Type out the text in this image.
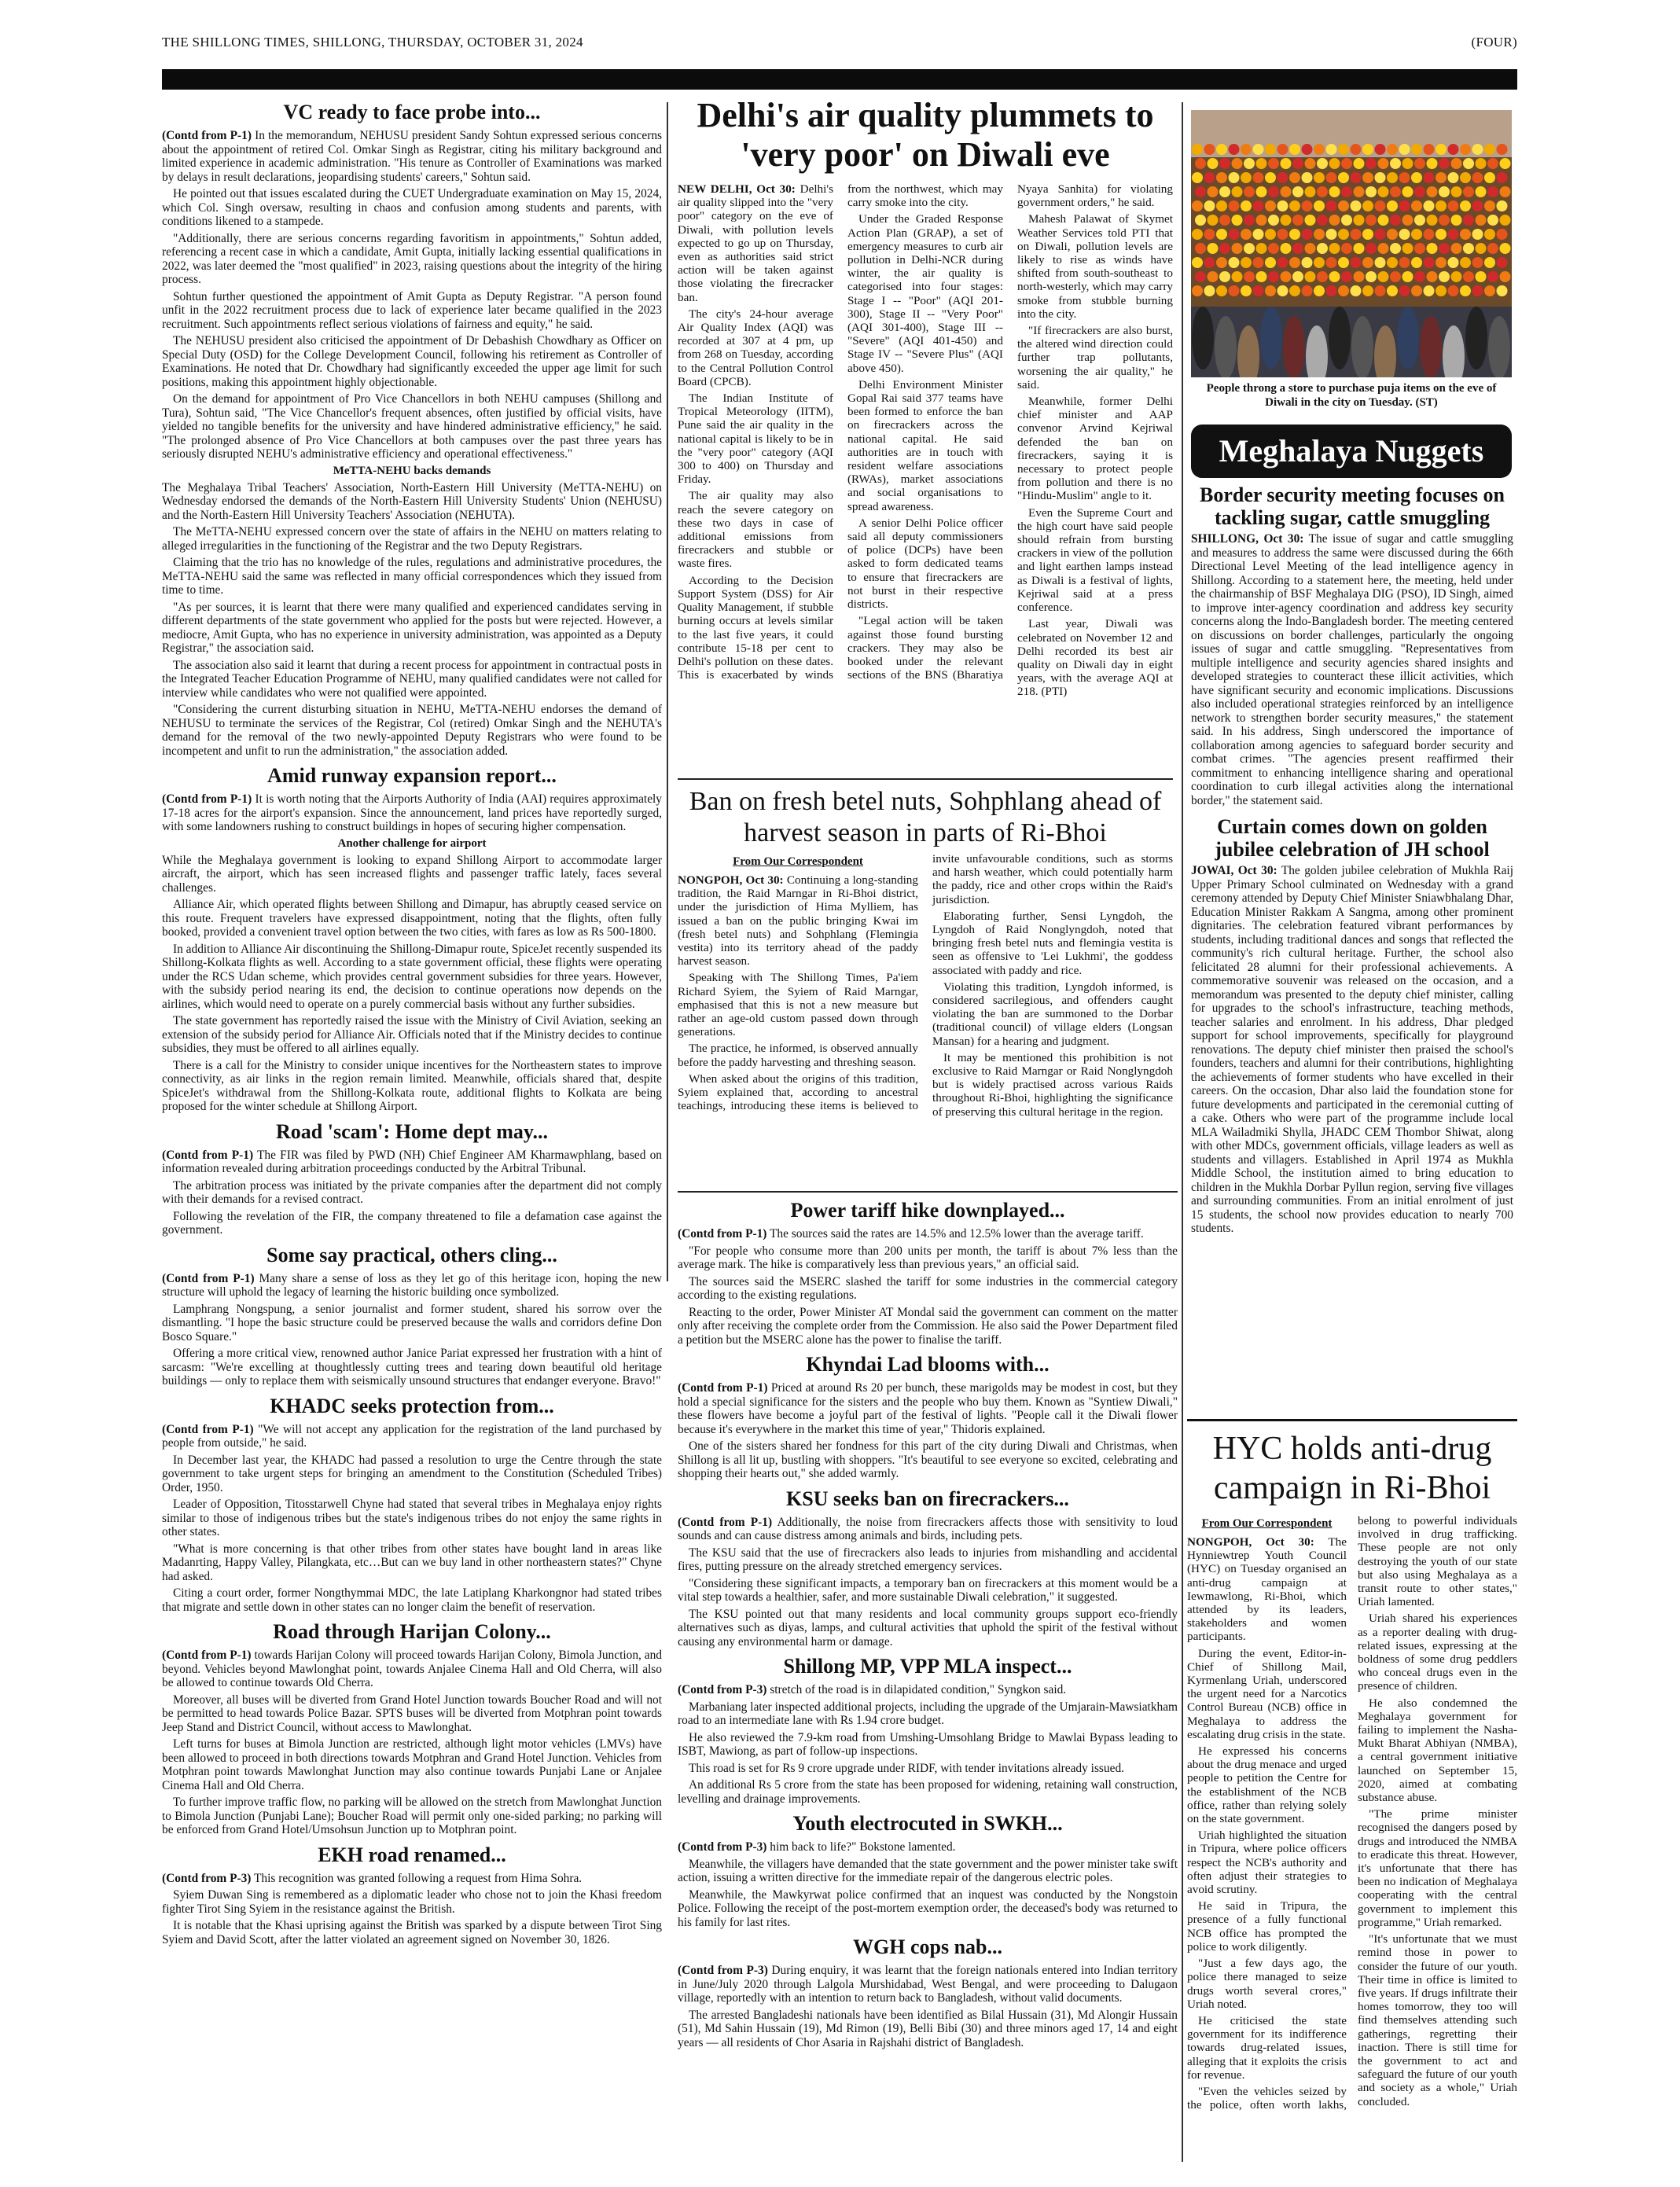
THE SHILLONG TIMES, SHILLONG, THURSDAY, OCTOBER 31, 2024	(FOUR)
VC ready to face probe into...

(Contd from P-1) In the memorandum, NEHUSU president Sandy Sohtun expressed serious concerns about the appointment of retired Col. Omkar Singh as Registrar, citing his military background and limited experience in academic administration. "His tenure as Controller of Examinations was marked by delays in result declarations, jeopardising students' careers," Sohtun said.

He pointed out that issues escalated during the CUET Undergraduate examination on May 15, 2024, which Col. Singh oversaw, resulting in chaos and confusion among students and parents, with conditions likened to a stampede.

"Additionally, there are serious concerns regarding favoritism in appointments," Sohtun added, referencing a recent case in which a candidate, Amit Gupta, initially lacking essential qualifications in 2022, was later deemed the "most qualified" in 2023, raising questions about the integrity of the hiring process.

Sohtun further questioned the appointment of Amit Gupta as Deputy Registrar. "A person found unfit in the 2022 recruitment process due to lack of experience later became qualified in the 2023 recruitment. Such appointments reflect serious violations of fairness and equity," he said.

The NEHUSU president also criticised the appointment of Dr Debashish Chowdhary as Officer on Special Duty (OSD) for the College Development Council, following his retirement as Controller of Examinations. He noted that Dr. Chowdhary had significantly exceeded the upper age limit for such positions, making this appointment highly objectionable.

On the demand for appointment of Pro Vice Chancellors in both NEHU campuses (Shillong and Tura), Sohtun said, "The Vice Chancellor's frequent absences, often justified by official visits, have yielded no tangible benefits for the university and have hindered administrative efficiency," he said. "The prolonged absence of Pro Vice Chancellors at both campuses over the past three years has seriously disrupted NEHU's administrative efficiency and operational effectiveness."

MeTTA-NEHU backs demands

The Meghalaya Tribal Teachers' Association, North-Eastern Hill University (MeTTA-NEHU) on Wednesday endorsed the demands of the North-Eastern Hill University Students' Union (NEHUSU) and the North-Eastern Hill University Teachers' Association (NEHUTA).

The MeTTA-NEHU expressed concern over the state of affairs in the NEHU on matters relating to alleged irregularities in the functioning of the Registrar and the two Deputy Registrars.

Claiming that the trio has no knowledge of the rules, regulations and administrative procedures, the MeTTA-NEHU said the same was reflected in many official correspondences which they issued from time to time.

"As per sources, it is learnt that there were many qualified and experienced candidates serving in different departments of the state government who applied for the posts but were rejected. However, a mediocre, Amit Gupta, who has no experience in university administration, was appointed as a Deputy Registrar," the association said.

The association also said it learnt that during a recent process for appointment in contractual posts in the Integrated Teacher Education Programme of NEHU, many qualified candidates were not called for interview while candidates who were not qualified were appointed.

"Considering the current disturbing situation in NEHU, MeTTA-NEHU endorses the demand of NEHUSU to terminate the services of the Registrar, Col (retired) Omkar Singh and the NEHUTA's demand for the removal of the two newly-appointed Deputy Registrars who were found to be incompetent and unfit to run the administration," the association added.

Amid runway expansion report...

(Contd from P-1) It is worth noting that the Airports Authority of India (AAI) requires approximately 17-18 acres for the airport's expansion. Since the announcement, land prices have reportedly surged, with some landowners rushing to construct buildings in hopes of securing higher compensation.

Another challenge for airport

While the Meghalaya government is looking to expand Shillong Airport to accommodate larger aircraft, the airport, which has seen increased flights and passenger traffic lately, faces several challenges.

Alliance Air, which operated flights between Shillong and Dimapur, has abruptly ceased service on this route. Frequent travelers have expressed disappointment, noting that the flights, often fully booked, provided a convenient travel option between the two cities, with fares as low as Rs 500-1800.

In addition to Alliance Air discontinuing the Shillong-Dimapur route, SpiceJet recently suspended its Shillong-Kolkata flights as well. According to a state government official, these flights were operating under the RCS Udan scheme, which provides central government subsidies for three years. However, with the subsidy period nearing its end, the decision to continue operations now depends on the airlines, which would need to operate on a purely commercial basis without any further subsidies.

The state government has reportedly raised the issue with the Ministry of Civil Aviation, seeking an extension of the subsidy period for Alliance Air. Officials noted that if the Ministry decides to continue subsidies, they must be offered to all airlines equally.

There is a call for the Ministry to consider unique incentives for the Northeastern states to improve connectivity, as air links in the region remain limited. Meanwhile, officials shared that, despite SpiceJet's withdrawal from the Shillong-Kolkata route, additional flights to Kolkata are being proposed for the winter schedule at Shillong Airport.

Road 'scam': Home dept may...

(Contd from P-1) The FIR was filed by PWD (NH) Chief Engineer AM Kharmawphlang, based on information revealed during arbitration proceedings conducted by the Arbitral Tribunal.

The arbitration process was initiated by the private companies after the department did not comply with their demands for a revised contract.

Following the revelation of the FIR, the company threatened to file a defamation case against the government.

Some say practical, others cling...

(Contd from P-1) Many share a sense of loss as they let go of this heritage icon, hoping the new structure will uphold the legacy of learning the historic building once symbolized.

Lamphrang Nongspung, a senior journalist and former student, shared his sorrow over the dismantling. "I hope the basic structure could be preserved because the walls and corridors define Don Bosco Square."

Offering a more critical view, renowned author Janice Pariat expressed her frustration with a hint of sarcasm: "We're excelling at thoughtlessly cutting trees and tearing down beautiful old heritage buildings — only to replace them with seismically unsound structures that endanger everyone. Bravo!"

KHADC seeks protection from...

(Contd from P-1) "We will not accept any application for the registration of the land purchased by people from outside," he said.

In December last year, the KHADC had passed a resolution to urge the Centre through the state government to take urgent steps for bringing an amendment to the Constitution (Scheduled Tribes) Order, 1950.

Leader of Opposition, Titosstarwell Chyne had stated that several tribes in Meghalaya enjoy rights similar to those of indigenous tribes but the state's indigenous tribes do not enjoy the same rights in other states.

"What is more concerning is that other tribes from other states have bought land in areas like Madanrting, Happy Valley, Pilangkata, etc…But can we buy land in other northeastern states?" Chyne had asked.

Citing a court order, former Nongthymmai MDC, the late Latiplang Kharkongnor had stated tribes that migrate and settle down in other states can no longer claim the benefit of reservation.

Road through Harijan Colony...

(Contd from P-1) towards Harijan Colony will proceed towards Harijan Colony, Bimola Junction, and beyond. Vehicles beyond Mawlonghat point, towards Anjalee Cinema Hall and Old Cherra, will also be allowed to continue towards Old Cherra.

Moreover, all buses will be diverted from Grand Hotel Junction towards Boucher Road and will not be permitted to head towards Police Bazar. SPTS buses will be diverted from Motphran point towards Jeep Stand and District Council, without access to Mawlonghat.

Left turns for buses at Bimola Junction are restricted, although light motor vehicles (LMVs) have been allowed to proceed in both directions towards Motphran and Grand Hotel Junction. Vehicles from Motphran point towards Mawlonghat Junction may also continue towards Punjabi Lane or Anjalee Cinema Hall and Old Cherra.

To further improve traffic flow, no parking will be allowed on the stretch from Mawlonghat Junction to Bimola Junction (Punjabi Lane); Boucher Road will permit only one-sided parking; no parking will be enforced from Grand Hotel/Umsohsun Junction up to Motphran point.

EKH road renamed...

(Contd from P-3) This recognition was granted following a request from Hima Sohra.

Syiem Duwan Sing is remembered as a diplomatic leader who chose not to join the Khasi freedom fighter Tirot Sing Syiem in the resistance against the British.

It is notable that the Khasi uprising against the British was sparked by a dispute between Tirot Sing Syiem and David Scott, after the latter violated an agreement signed on November 30, 1826.

Delhi's air quality plummets to 'very poor' on Diwali eve

NEW DELHI, Oct 30: Delhi's air quality slipped into the "very poor" category on the eve of Diwali, with pollution levels expected to go up on Thursday, even as authorities said strict action will be taken against those violating the firecracker ban.

The city's 24-hour average Air Quality Index (AQI) was recorded at 307 at 4 pm, up from 268 on Tuesday, according to the Central Pollution Control Board (CPCB).

The Indian Institute of Tropical Meteorology (IITM), Pune said the air quality in the national capital is likely to be in the "very poor" category (AQI 300 to 400) on Thursday and Friday.

The air quality may also reach the severe category on these two days in case of additional emissions from firecrackers and stubble or waste fires.

According to the Decision Support System (DSS) for Air Quality Management, if stubble burning occurs at levels similar to the last five years, it could contribute 15-18 per cent to Delhi's pollution on these dates. This is exacerbated by winds from the northwest, which may carry smoke into the city.

Under the Graded Response Action Plan (GRAP), a set of emergency measures to curb air pollution in Delhi-NCR during winter, the air quality is categorised into four stages: Stage I -- "Poor" (AQI 201-300), Stage II -- "Very Poor" (AQI 301-400), Stage III -- "Severe" (AQI 401-450) and Stage IV -- "Severe Plus" (AQI above 450).

Delhi Environment Minister Gopal Rai said 377 teams have been formed to enforce the ban on firecrackers across the national capital. He said authorities are in touch with resident welfare associations (RWAs), market associations and social organisations to spread awareness.

A senior Delhi Police officer said all deputy commissioners of police (DCPs) have been asked to form dedicated teams to ensure that firecrackers are not burst in their respective districts.

"Legal action will be taken against those found bursting crackers. They may also be booked under the relevant sections of the BNS (Bharatiya Nyaya Sanhita) for violating government orders," he said.

Mahesh Palawat of Skymet Weather Services told PTI that on Diwali, pollution levels are likely to rise as winds have shifted from south-southeast to north-westerly, which may carry smoke from stubble burning into the city.

"If firecrackers are also burst, the altered wind direction could further trap pollutants, worsening the air quality," he said.

Meanwhile, former Delhi chief minister and AAP convenor Arvind Kejriwal defended the ban on firecrackers, saying it is necessary to protect people from pollution and there is no "Hindu-Muslim" angle to it.

Even the Supreme Court and the high court have said people should refrain from bursting crackers in view of the pollution and light earthen lamps instead as Diwali is a festival of lights, Kejriwal said at a press conference.

Last year, Diwali was celebrated on November 12 and Delhi recorded its best air quality on Diwali day in eight years, with the average AQI at 218. (PTI)

Ban on fresh betel nuts, Sohphlang ahead of harvest season in parts of Ri-Bhoi
From Our Correspondent

NONGPOH, Oct 30: Continuing a long-standing tradition, the Raid Marngar in Ri-Bhoi district, under the jurisdiction of Hima Mylliem, has issued a ban on the public bringing Kwai im (fresh betel nuts) and Sohphlang (Flemingia vestita) into its territory ahead of the paddy harvest season.

Speaking with The Shillong Times, Pa'iem Richard Syiem, the Syiem of Raid Marngar, emphasised that this is not a new measure but rather an age-old custom passed down through generations.

The practice, he informed, is observed annually before the paddy harvesting and threshing season.

When asked about the origins of this tradition, Syiem explained that, according to ancestral teachings, introducing these items is believed to invite unfavourable conditions, such as storms and harsh weather, which could potentially harm the paddy, rice and other crops within the Raid's jurisdiction.

Elaborating further, Sensi Lyngdoh, the Lyngdoh of Raid Nonglyngdoh, noted that bringing fresh betel nuts and flemingia vestita is seen as offensive to 'Lei Lukhmi', the goddess associated with paddy and rice.

Violating this tradition, Lyngdoh informed, is considered sacrilegious, and offenders caught violating the ban are summoned to the Dorbar (traditional council) of village elders (Longsan Mansan) for a hearing and judgment.

It may be mentioned this prohibition is not exclusive to Raid Marngar or Raid Nonglyngdoh but is widely practised across various Raids throughout Ri-Bhoi, highlighting the significance of preserving this cultural heritage in the region.

Power tariff hike downplayed...

(Contd from P-1) The sources said the rates are 14.5% and 12.5% lower than the average tariff.

"For people who consume more than 200 units per month, the tariff is about 7% less than the average mark. The hike is comparatively less than previous years," an official said.

The sources said the MSERC slashed the tariff for some industries in the commercial category according to the existing regulations.

Reacting to the order, Power Minister AT Mondal said the government can comment on the matter only after receiving the complete order from the Commission. He also said the Power Department filed a petition but the MSERC alone has the power to finalise the tariff.

Khyndai Lad blooms with...

(Contd from P-1) Priced at around Rs 20 per bunch, these marigolds may be modest in cost, but they hold a special significance for the sisters and the people who buy them. Known as "Syntiew Diwali," these flowers have become a joyful part of the festival of lights. "People call it the Diwali flower because it's everywhere in the market this time of year," Thidoris explained.

One of the sisters shared her fondness for this part of the city during Diwali and Christmas, when Shillong is all lit up, bustling with shoppers. "It's beautiful to see everyone so excited, celebrating and shopping their hearts out," she added warmly.

KSU seeks ban on firecrackers...

(Contd from P-1) Additionally, the noise from firecrackers affects those with sensitivity to loud sounds and can cause distress among animals and birds, including pets.

The KSU said that the use of firecrackers also leads to injuries from mishandling and accidental fires, putting pressure on the already stretched emergency services.

"Considering these significant impacts, a temporary ban on firecrackers at this moment would be a vital step towards a healthier, safer, and more sustainable Diwali celebration," it suggested.

The KSU pointed out that many residents and local community groups support eco-friendly alternatives such as diyas, lamps, and cultural activities that uphold the spirit of the festival without causing any environmental harm or damage.

Shillong MP, VPP MLA inspect...

(Contd from P-3) stretch of the road is in dilapidated condition," Syngkon said.

Marbaniang later inspected additional projects, including the upgrade of the Umjarain-Mawsiatkham road to an intermediate lane with Rs 1.94 crore budget.

He also reviewed the 7.9-km road from Umshing-Umsohlang Bridge to Mawlai Bypass leading to ISBT, Mawiong, as part of follow-up inspections.

This road is set for Rs 9 crore upgrade under RIDF, with tender invitations already issued.

An additional Rs 5 crore from the state has been proposed for widening, retaining wall construction, levelling and drainage improvements.

Youth electrocuted in SWKH...

(Contd from P-3) him back to life?" Bokstone lamented.

Meanwhile, the villagers have demanded that the state government and the power minister take swift action, issuing a written directive for the immediate repair of the dangerous electric poles.

Meanwhile, the Mawkyrwat police confirmed that an inquest was conducted by the Nongstoin Police. Following the receipt of the post-mortem exemption order, the deceased's body was returned to his family for last rites.

WGH cops nab...

(Contd from P-3) During enquiry, it was learnt that the foreign nationals entered into Indian territory in June/July 2020 through Lalgola Murshidabad, West Bengal, and were proceeding to Dalugaon village, reportedly with an intention to return back to Bangladesh, without valid documents.

The arrested Bangladeshi nationals have been identified as Bilal Hussain (31), Md Alongir Hussain (51), Md Sahin Hussain (19), Md Rimon (19), Belli Bibi (30) and three minors aged 17, 14 and eight years — all residents of Chor Asaria in Rajshahi district of Bangladesh.

People throng a store to purchase puja items on the eve of Diwali in the city on Tuesday. (ST)
Meghalaya Nuggets
Border security meeting focuses on tackling sugar, cattle smuggling

SHILLONG, Oct 30: The issue of sugar and cattle smuggling and measures to address the same were discussed during the 66th Directional Level Meeting of the lead intelligence agency in Shillong. According to a statement here, the meeting, held under the chairmanship of BSF Meghalaya DIG (PSO), ID Singh, aimed to improve inter-agency coordination and address key security concerns along the Indo-Bangladesh border. The meeting centered on discussions on border challenges, particularly the ongoing issues of sugar and cattle smuggling. "Representatives from multiple intelligence and security agencies shared insights and developed strategies to counteract these illicit activities, which have significant security and economic implications. Discussions also included operational strategies reinforced by an intelligence network to strengthen border security measures," the statement said. In his address, Singh underscored the importance of collaboration among agencies to safeguard border security and combat crimes. "The agencies present reaffirmed their commitment to enhancing intelligence sharing and operational coordination to curb illegal activities along the international border," the statement said.

Curtain comes down on golden jubilee celebration of JH school

JOWAI, Oct 30: The golden jubilee celebration of Mukhla Raij Upper Primary School culminated on Wednesday with a grand ceremony attended by Deputy Chief Minister Sniawbhalang Dhar, Education Minister Rakkam A Sangma, among other prominent dignitaries. The celebration featured vibrant performances by students, including traditional dances and songs that reflected the community's rich cultural heritage. Further, the school also felicitated 28 alumni for their professional achievements. A commemorative souvenir was released on the occasion, and a memorandum was presented to the deputy chief minister, calling for upgrades to the school's infrastructure, teaching methods, teacher salaries and enrolment. In his address, Dhar pledged support for school improvements, specifically for playground renovations. The deputy chief minister then praised the school's founders, teachers and alumni for their contributions, highlighting the achievements of former students who have excelled in their careers. On the occasion, Dhar also laid the foundation stone for future developments and participated in the ceremonial cutting of a cake. Others who were part of the programme include local MLA Wailadmiki Shylla, JHADC CEM Thombor Shiwat, along with other MDCs, government officials, village leaders as well as students and villagers. Established in April 1974 as Mukhla Middle School, the institution aimed to bring education to children in the Mukhla Dorbar Pyllun region, serving five villages and surrounding communities. From an initial enrolment of just 15 students, the school now provides education to nearly 700 students.

HYC holds anti-drug campaign in Ri-Bhoi
From Our Correspondent

NONGPOH, Oct 30: The Hynniewtrep Youth Council (HYC) on Tuesday organised an anti-drug campaign at Iewmawlong, Ri-Bhoi, which attended by its leaders, stakeholders and women participants.

During the event, Editor-in-Chief of Shillong Mail, Kyrmenlang Uriah, underscored the urgent need for a Narcotics Control Bureau (NCB) office in Meghalaya to address the escalating drug crisis in the state.

He expressed his concerns about the drug menace and urged people to petition the Centre for the establishment of the NCB office, rather than relying solely on the state government.

Uriah highlighted the situation in Tripura, where police officers respect the NCB's authority and often adjust their strategies to avoid scrutiny.

He said in Tripura, the presence of a fully functional NCB office has prompted the police to work diligently.

"Just a few days ago, the police there managed to seize drugs worth several crores," Uriah noted.

He criticised the state government for its indifference towards drug-related issues, alleging that it exploits the crisis for revenue.

"Even the vehicles seized by the police, often worth lakhs, belong to powerful individuals involved in drug trafficking. These people are not only destroying the youth of our state but also using Meghalaya as a transit route to other states," Uriah lamented.

Uriah shared his experiences as a reporter dealing with drug-related issues, expressing at the boldness of some drug peddlers who conceal drugs even in the presence of children.

He also condemned the Meghalaya government for failing to implement the Nasha-Mukt Bharat Abhiyan (NMBA), a central government initiative launched on September 15, 2020, aimed at combating substance abuse.

"The prime minister recognised the dangers posed by drugs and introduced the NMBA to eradicate this threat. However, it's unfortunate that there has been no indication of Meghalaya cooperating with the central government to implement this programme," Uriah remarked.

"It's unfortunate that we must remind those in power to consider the future of our youth. Their time in office is limited to five years. If drugs infiltrate their homes tomorrow, they too will find themselves attending such gatherings, regretting their inaction. There is still time for the government to act and safeguard the future of our youth and society as a whole," Uriah concluded.
